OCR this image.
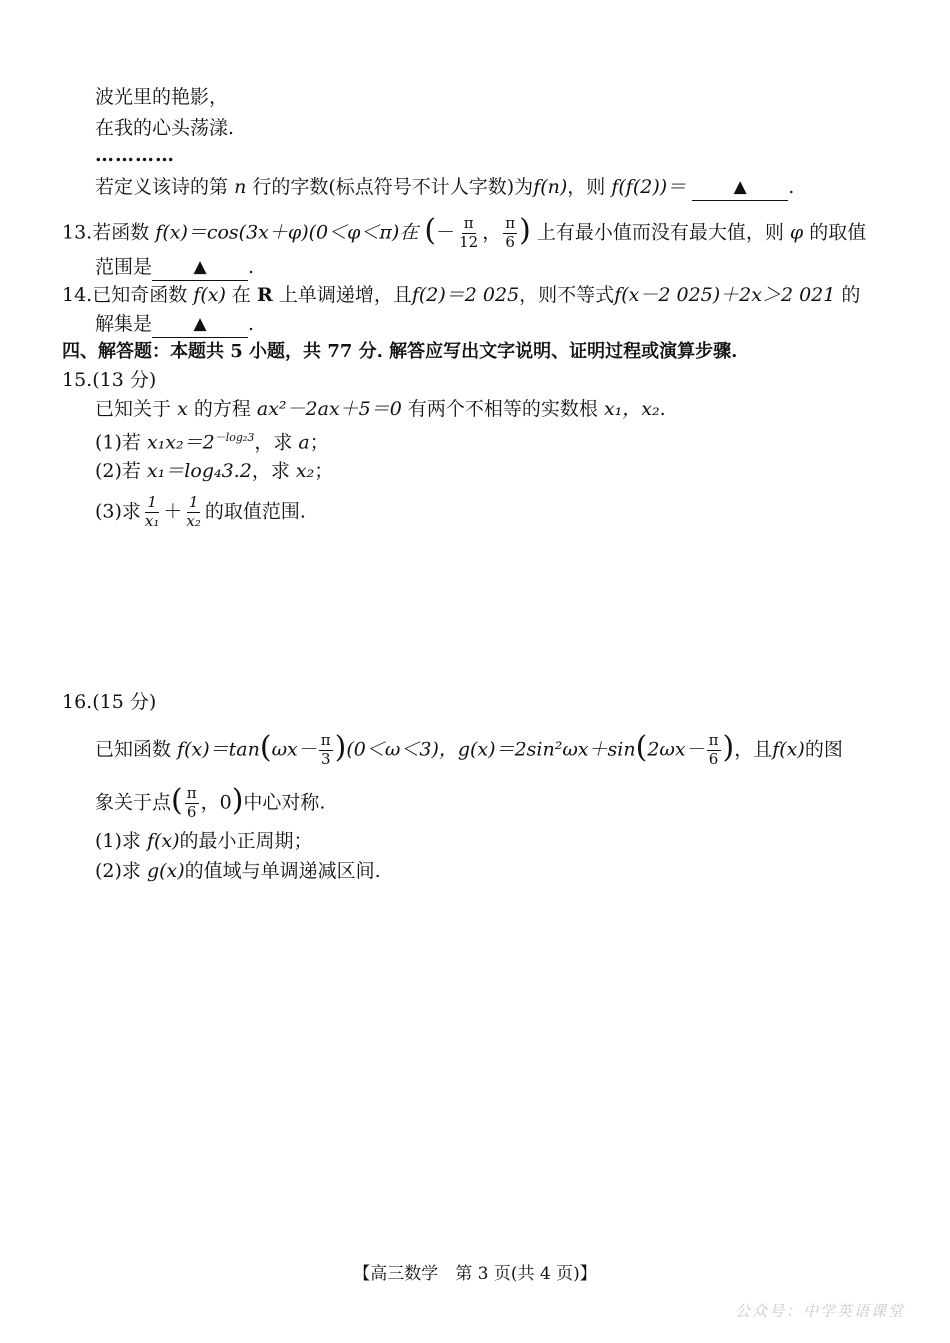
波光里的艳影，
在我的心头荡漾.
…………
若定义该诗的第 n 行的字数(标点符号不计人字数)为f(n)，则 f(f(2))＝	▲ .
13.若函数 f(x)＝cos(3x＋φ)(0＜φ＜π)在 (－ $\frac{\pi}{12}$ ， $\frac{\pi}{6}$ ) 上有最小值而没有最大值，则 φ 的取值
范围是 ▲ .
14.已知奇函数 f(x) 在 R 上单调递增，且f(2)＝2 025，则不等式f(x－2 025)＋2x＞2 021 的
解集是 ▲ .
四、解答题：本题共 5 小题，共 77 分. 解答应写出文字说明、证明过程或演算步骤.
15.(13 分)
已知关于 x 的方程 ax²－2ax＋5＝0 有两个不相等的实数根 x₁，x₂.
(1)若 $x_1x_2=2^{-log_23}$，求 a；
(2)若 x₁＝log₄3.2，求 x₂；
(3)求 $\frac{1}{\text{x₁}} + \frac{1}{\text{x₂}}$ 的取值范围.
16.(15 分)
已知函数 $f(x)=\tan(\omega x- \frac{\pi}{3} )(0<\omega<3)$，$g(x)=2\sin^2\omega x+\sin(2\omega x- \frac{\pi}{6}$ )，且f(x)的图
象关于点( $\frac{\pi}{6}$ ，0)中心对称.
(1)求 f(x)的最小正周期；
(2)求 g(x)的值域与单调递减区间.
【高三数学　第 3 页(共 4 页)】
公众号：中学英语课堂
